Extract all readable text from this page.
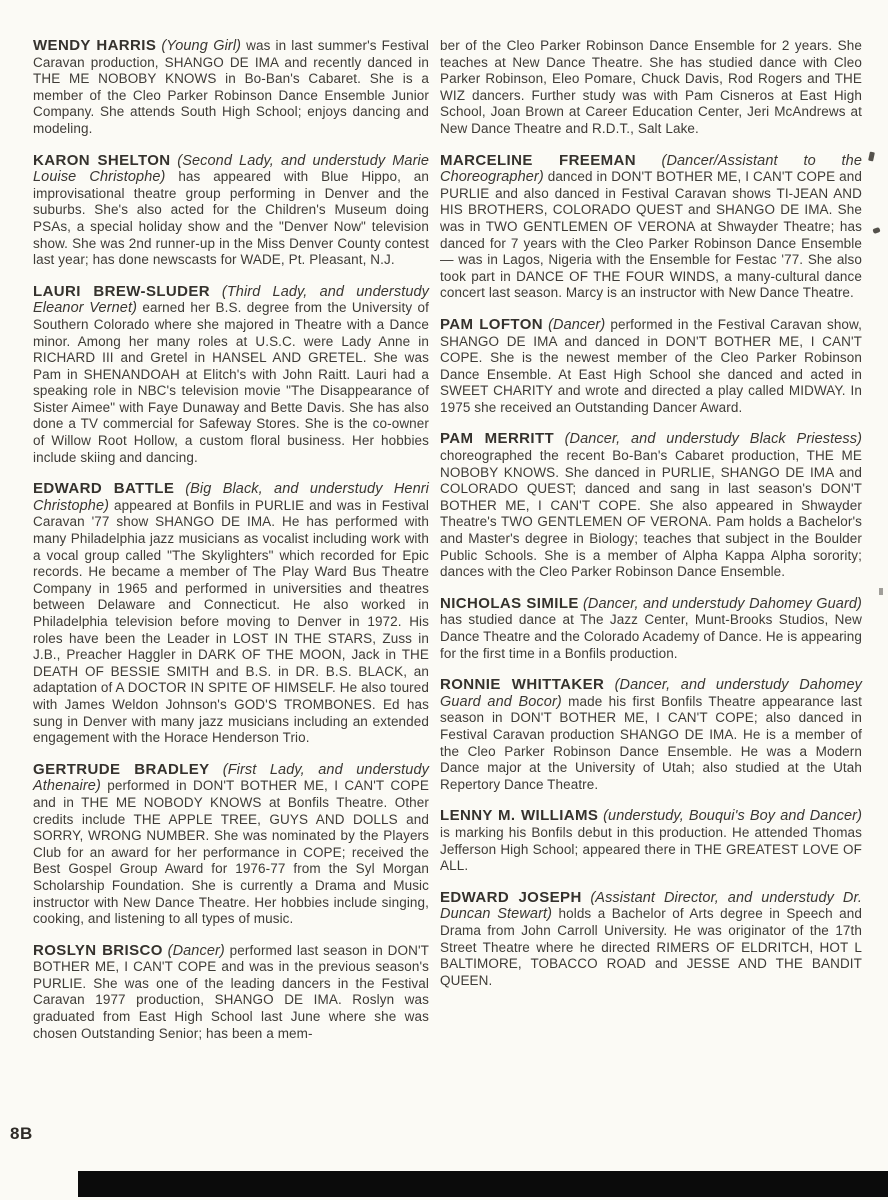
WENDY HARRIS (Young Girl) was in last summer's Festival Caravan production, SHANGO DE IMA and recently danced in THE ME NOBOBY KNOWS in Bo-Ban's Cabaret. She is a member of the Cleo Parker Robinson Dance Ensemble Junior Company. She attends South High School; enjoys dancing and modeling.

KARON SHELTON (Second Lady, and understudy Marie Louise Christophe) has appeared with Blue Hippo, an improvisational theatre group performing in Denver and the suburbs. She's also acted for the Children's Museum doing PSAs, a special holiday show and the "Denver Now" television show. She was 2nd runner-up in the Miss Denver County contest last year; has done newscasts for WADE, Pt. Pleasant, N.J.

LAURI BREW-SLUDER (Third Lady, and understudy Eleanor Vernet) earned her B.S. degree from the University of Southern Colorado where she majored in Theatre with a Dance minor. Among her many roles at U.S.C. were Lady Anne in RICHARD III and Gretel in HANSEL AND GRETEL. She was Pam in SHENANDOAH at Elitch's with John Raitt. Lauri had a speaking role in NBC's television movie "The Disappearance of Sister Aimee" with Faye Dunaway and Bette Davis. She has also done a TV commercial for Safeway Stores. She is the co-owner of Willow Root Hollow, a custom floral business. Her hobbies include skiing and dancing.

EDWARD BATTLE (Big Black, and understudy Henri Christophe) appeared at Bonfils in PURLIE and was in Festival Caravan '77 show SHANGO DE IMA. He has performed with many Philadelphia jazz musicians as vocalist including work with a vocal group called "The Skylighters" which recorded for Epic records. He became a member of The Play Ward Bus Theatre Company in 1965 and performed in universities and theatres between Delaware and Connecticut. He also worked in Philadelphia television before moving to Denver in 1972. His roles have been the Leader in LOST IN THE STARS, Zuss in J.B., Preacher Haggler in DARK OF THE MOON, Jack in THE DEATH OF BESSIE SMITH and B.S. in DR. B.S. BLACK, an adaptation of A DOCTOR IN SPITE OF HIMSELF. He also toured with James Weldon Johnson's GOD'S TROMBONES. Ed has sung in Denver with many jazz musicians including an extended engagement with the Horace Henderson Trio.

GERTRUDE BRADLEY (First Lady, and understudy Athenaire) performed in DON'T BOTHER ME, I CAN'T COPE and in THE ME NOBODY KNOWS at Bonfils Theatre. Other credits include THE APPLE TREE, GUYS AND DOLLS and SORRY, WRONG NUMBER. She was nominated by the Players Club for an award for her performance in COPE; received the Best Gospel Group Award for 1976-77 from the Syl Morgan Scholarship Foundation. She is currently a Drama and Music instructor with New Dance Theatre. Her hobbies include singing, cooking, and listening to all types of music.

ROSLYN BRISCO (Dancer) performed last season in DON'T BOTHER ME, I CAN'T COPE and was in the previous season's PURLIE. She was one of the leading dancers in the Festival Caravan 1977 production, SHANGO DE IMA. Roslyn was graduated from East High School last June where she was chosen Outstanding Senior; has been a mem-

ber of the Cleo Parker Robinson Dance Ensemble for 2 years. She teaches at New Dance Theatre. She has studied dance with Cleo Parker Robinson, Eleo Pomare, Chuck Davis, Rod Rogers and THE WIZ dancers. Further study was with Pam Cisneros at East High School, Joan Brown at Career Education Center, Jeri McAndrews at New Dance Theatre and R.D.T., Salt Lake.

MARCELINE FREEMAN (Dancer/Assistant to the Choreographer) danced in DON'T BOTHER ME, I CAN'T COPE and PURLIE and also danced in Festival Caravan shows TI-JEAN AND HIS BROTHERS, COLORADO QUEST and SHANGO DE IMA. She was in TWO GENTLEMEN OF VERONA at Shwayder Theatre; has danced for 7 years with the Cleo Parker Robinson Dance Ensemble — was in Lagos, Nigeria with the Ensemble for Festac '77. She also took part in DANCE OF THE FOUR WINDS, a many-cultural dance concert last season. Marcy is an instructor with New Dance Theatre.

PAM LOFTON (Dancer) performed in the Festival Caravan show, SHANGO DE IMA and danced in DON'T BOTHER ME, I CAN'T COPE. She is the newest member of the Cleo Parker Robinson Dance Ensemble. At East High School she danced and acted in SWEET CHARITY and wrote and directed a play called MIDWAY. In 1975 she received an Outstanding Dancer Award.

PAM MERRITT (Dancer, and understudy Black Priestess) choreographed the recent Bo-Ban's Cabaret production, THE ME NOBOBY KNOWS. She danced in PURLIE, SHANGO DE IMA and COLORADO QUEST; danced and sang in last season's DON'T BOTHER ME, I CAN'T COPE. She also appeared in Shwayder Theatre's TWO GENTLEMEN OF VERONA. Pam holds a Bachelor's and Master's degree in Biology; teaches that subject in the Boulder Public Schools. She is a member of Alpha Kappa Alpha sorority; dances with the Cleo Parker Robinson Dance Ensemble.

NICHOLAS SIMILE (Dancer, and understudy Dahomey Guard) has studied dance at The Jazz Center, Munt-Brooks Studios, New Dance Theatre and the Colorado Academy of Dance. He is appearing for the first time in a Bonfils production.

RONNIE WHITTAKER (Dancer, and understudy Dahomey Guard and Bocor) made his first Bonfils Theatre appearance last season in DON'T BOTHER ME, I CAN'T COPE; also danced in Festival Caravan production SHANGO DE IMA. He is a member of the Cleo Parker Robinson Dance Ensemble. He was a Modern Dance major at the University of Utah; also studied at the Utah Repertory Dance Theatre.

LENNY M. WILLIAMS (understudy, Bouqui's Boy and Dancer) is marking his Bonfils debut in this production. He attended Thomas Jefferson High School; appeared there in THE GREATEST LOVE OF ALL.

EDWARD JOSEPH (Assistant Director, and understudy Dr. Duncan Stewart) holds a Bachelor of Arts degree in Speech and Drama from John Carroll University. He was originator of the 17th Street Theatre where he directed RIMERS OF ELDRITCH, HOT L BALTIMORE, TOBACCO ROAD and JESSE AND THE BANDIT QUEEN.

8B
